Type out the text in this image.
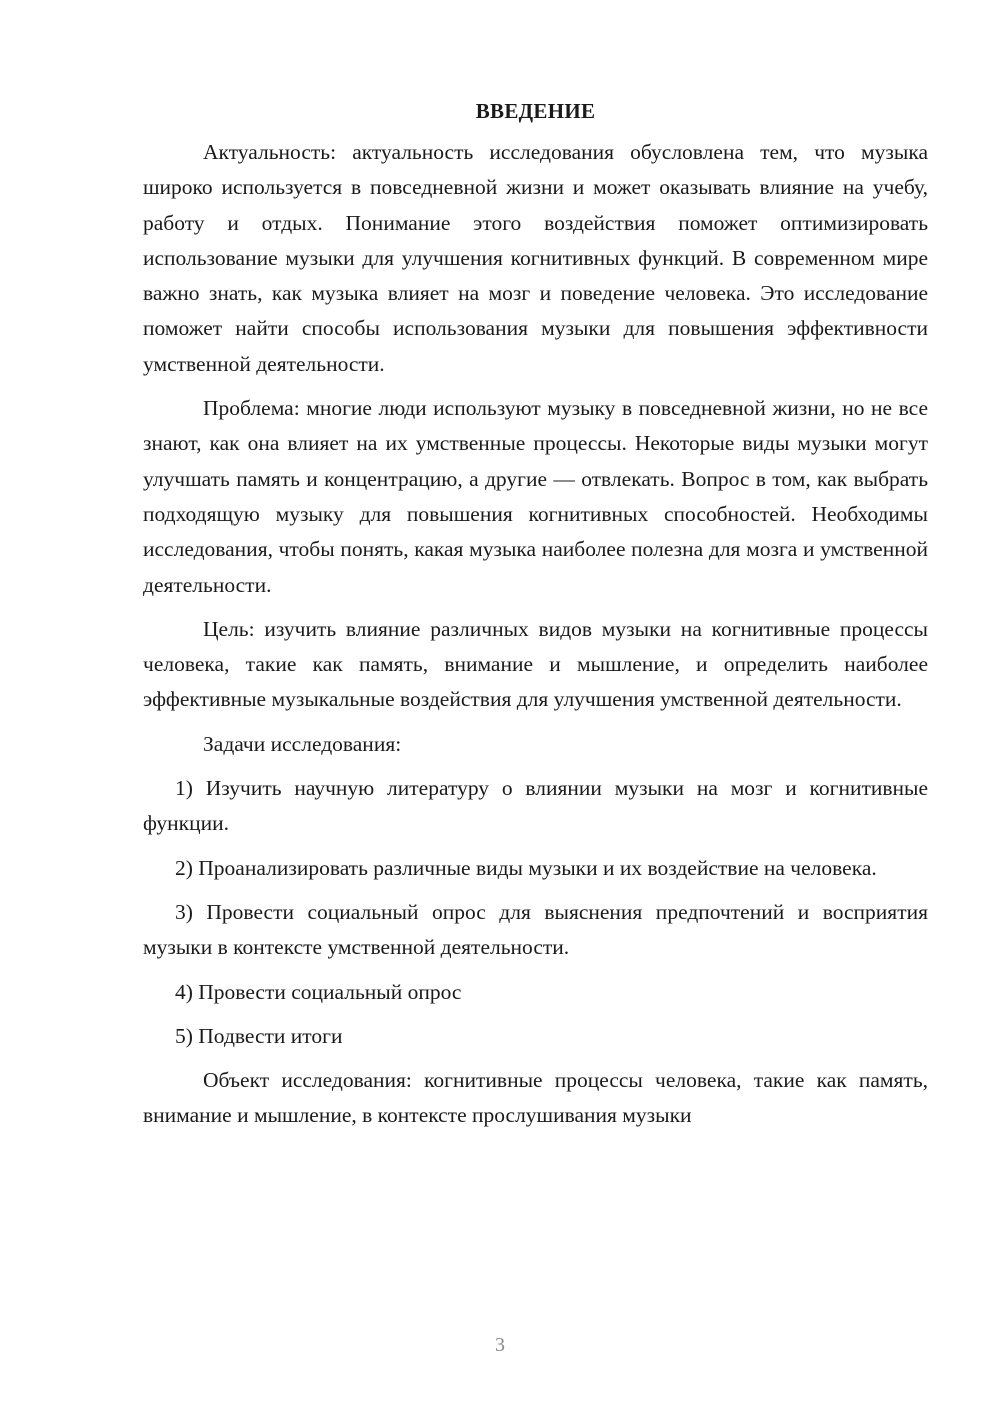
ВВЕДЕНИЕ

Актуальность: актуальность исследования обусловлена тем, что музыка широко используется в повседневной жизни и может оказывать влияние на учебу, работу и отдых. Понимание этого воздействия поможет оптимизировать использование музыки для улучшения когнитивных функций. В современном мире важно знать, как музыка влияет на мозг и поведение человека. Это исследование поможет найти способы использования музыки для повышения эффективности умственной деятельности.

Проблема: многие люди используют музыку в повседневной жизни, но не все знают, как она влияет на их умственные процессы. Некоторые виды музыки могут улучшать память и концентрацию, а другие — отвлекать. Вопрос в том, как выбрать подходящую музыку для повышения когнитивных способностей. Необходимы исследования, чтобы понять, какая музыка наиболее полезна для мозга и умственной деятельности.

Цель: изучить влияние различных видов музыки на когнитивные процессы человека, такие как память, внимание и мышление, и определить наиболее эффективные музыкальные воздействия для улучшения умственной деятельности.

Задачи исследования:

1) Изучить научную литературу о влиянии музыки на мозг и когнитивные функции.

2) Проанализировать различные виды музыки и их воздействие на человека.

3) Провести социальный опрос для выяснения предпочтений и восприятия музыки в контексте умственной деятельности.

4) Провести социальный опрос

5) Подвести итоги

Объект исследования: когнитивные процессы человека, такие как память, внимание и мышление, в контексте прослушивания музыки

3
